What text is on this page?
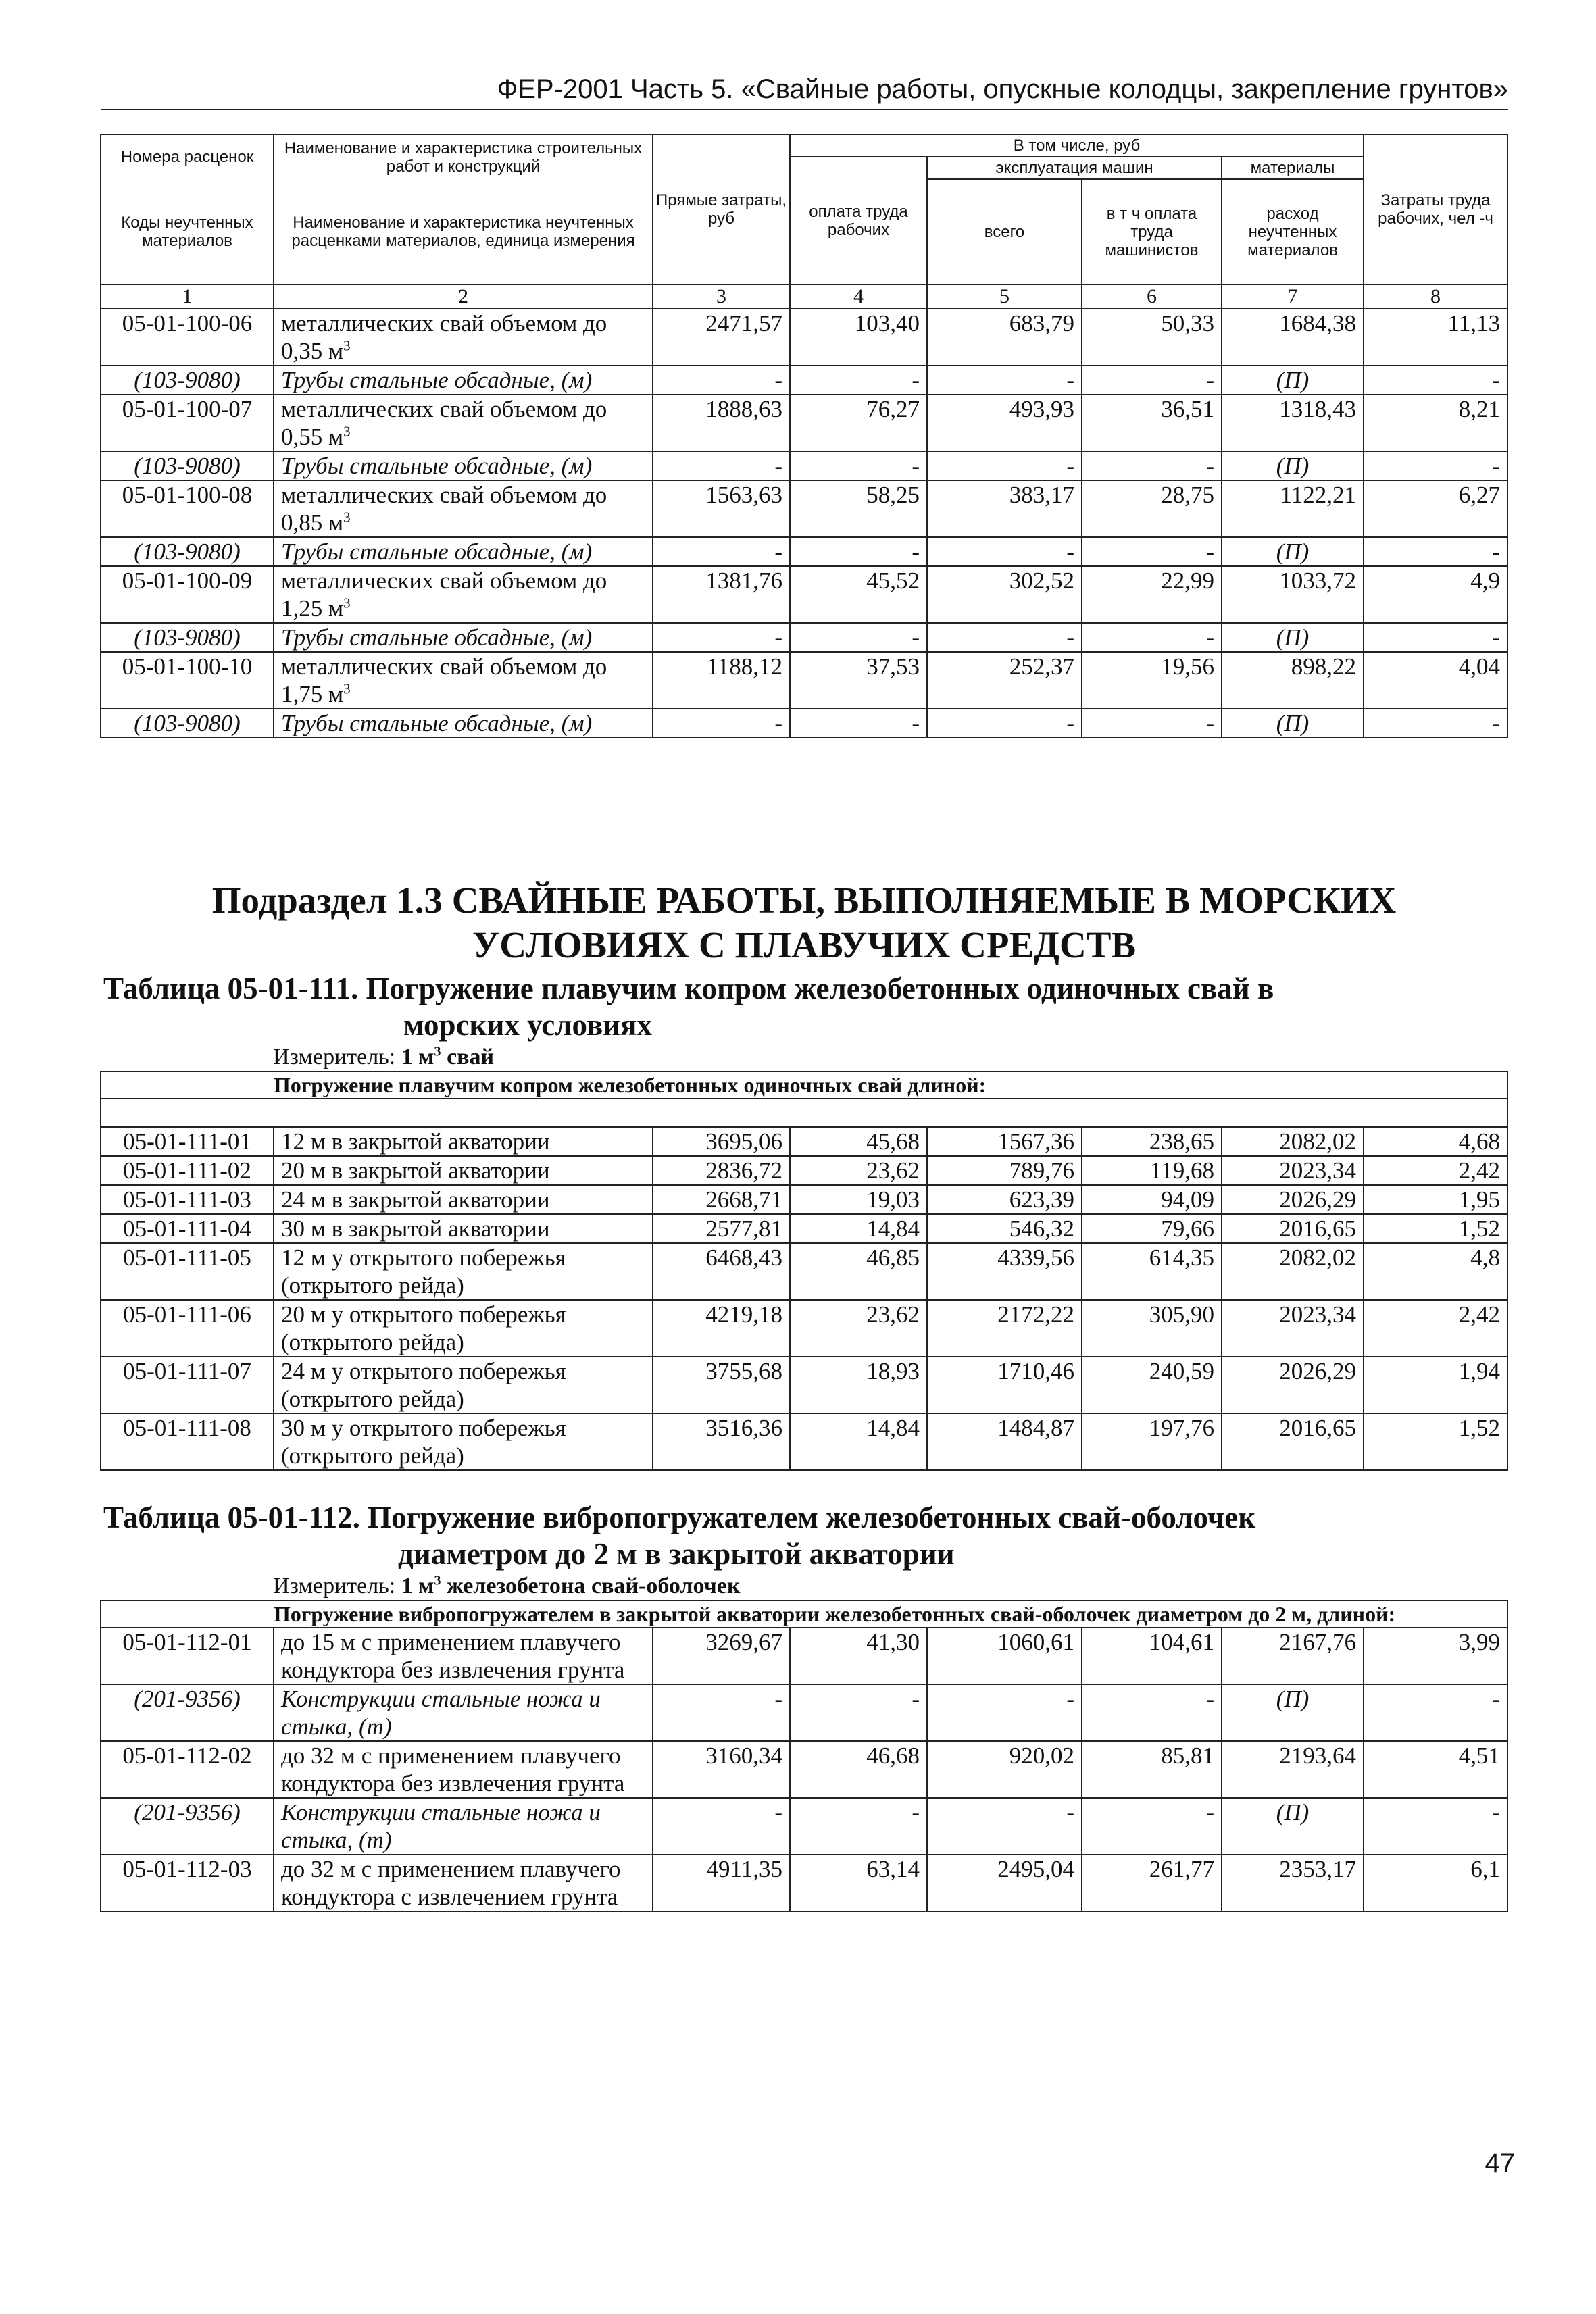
ФЕР-2001 Часть 5. «Свайные работы, опускные колодцы, закрепление грунтов»
Номера расценок	Наименование и характеристика строительных работ и конструкций	Прямые затраты, руб	В том числе, руб				Затраты труда рабочих, чел -ч
			оплата труда рабочих	эксплуатация машин		материалы	
Коды неучтенных материалов	Наименование и характеристика неучтенных расценками материалов, единица измерения			всего	в т ч оплата труда машинистов	расход неучтенных материалов	

1	2	3	4	5	6	7	8
05-01-100-06	металлических свай объемом до 0,35 $м^3$	2471,57	103,40	683,79	50,33	1684,38	11,13
(103-9080)	Трубы стальные обсадные, (м)	-	-	-	-	(П)	-
05-01-100-07	металлических свай объемом до 0,55 $м^3$	1888,63	76,27	493,93	36,51	1318,43	8,21
(103-9080)	Трубы стальные обсадные, (м)	-	-	-	-	(П)	-
05-01-100-08	металлических свай объемом до 0,85 $м^3$	1563,63	58,25	383,17	28,75	1122,21	6,27
(103-9080)	Трубы стальные обсадные, (м)	-	-	-	-	(П)	-
05-01-100-09	металлических свай объемом до 1,25 $м^3$	1381,76	45,52	302,52	22,99	1033,72	4,9
(103-9080)	Трубы стальные обсадные, (м)	-	-	-	-	(П)	-
05-01-100-10	металлических свай объемом до 1,75 $м^3$	1188,12	37,53	252,37	19,56	898,22	4,04
(103-9080)	Трубы стальные обсадные, (м)	-	-	-	-	(П)	-

Подраздел 1.3 СВАЙНЫЕ РАБОТЫ, ВЫПОЛНЯЕМЫЕ В МОРСКИХ УСЛОВИЯХ С ПЛАВУЧИХ СРЕДСТВ							
Таблица 05-01-111. Погружение плавучим копром железобетонных одиночных свай в
морских условиях							

Измеритель: 1 $м^3$ свай							
Погружение плавучим копром железобетонных одиночных свай длиной:							

05-01-111-01	12 м в закрытой акватории	3695,06	45,68	1567,36	238,65	2082,02	4,68
05-01-111-02	20 м в закрытой акватории	2836,72	23,62	789,76	119,68	2023,34	2,42
05-01-111-03	24 м в закрытой акватории	2668,71	19,03	623,39	94,09	2026,29	1,95
05-01-111-04	30 м в закрытой акватории	2577,81	14,84	546,32	79,66	2016,65	1,52
05-01-111-05	12 м у открытого побережья (открытого рейда)	6468,43	46,85	4339,56	614,35	2082,02	4,8
05-01-111-06	20 м у открытого побережья (открытого рейда)	4219,18	23,62	2172,22	305,90	2023,34	2,42
05-01-111-07	24 м у открытого побережья (открытого рейда)	3755,68	18,93	1710,46	240,59	2026,29	1,94
05-01-111-08	30 м у открытого побережья (открытого рейда)	3516,36	14,84	1484,87	197,76	2016,65	1,52

Таблица 05-01-112. Погружение вибропогружателем железобетонных свай-оболочек
диаметром до 2 м в закрытой акватории							

Измеритель: 1 $м^3$ железобетона свай-оболочек							
Погружение вибропогружателем в закрытой акватории железобетонных свай-оболочек диаметром до 2 м, длиной:							
05-01-112-01	до 15 м с применением плавучего кондуктора без извлечения грунта	3269,67	41,30	1060,61	104,61	2167,76	3,99
(201-9356)	Конструкции стальные ножа и стыка, (т)	-	-	-	-	(П)	-
05-01-112-02	до 32 м с применением плавучего кондуктора без извлечения грунта	3160,34	46,68	920,02	85,81	2193,64	4,51
(201-9356)	Конструкции стальные ножа и стыка, (т)	-	-	-	-	(П)	-
05-01-112-03	до 32 м с применением плавучего кондуктора с извлечением грунта	4911,35	63,14	2495,04	261,77	2353,17	6,1
47
